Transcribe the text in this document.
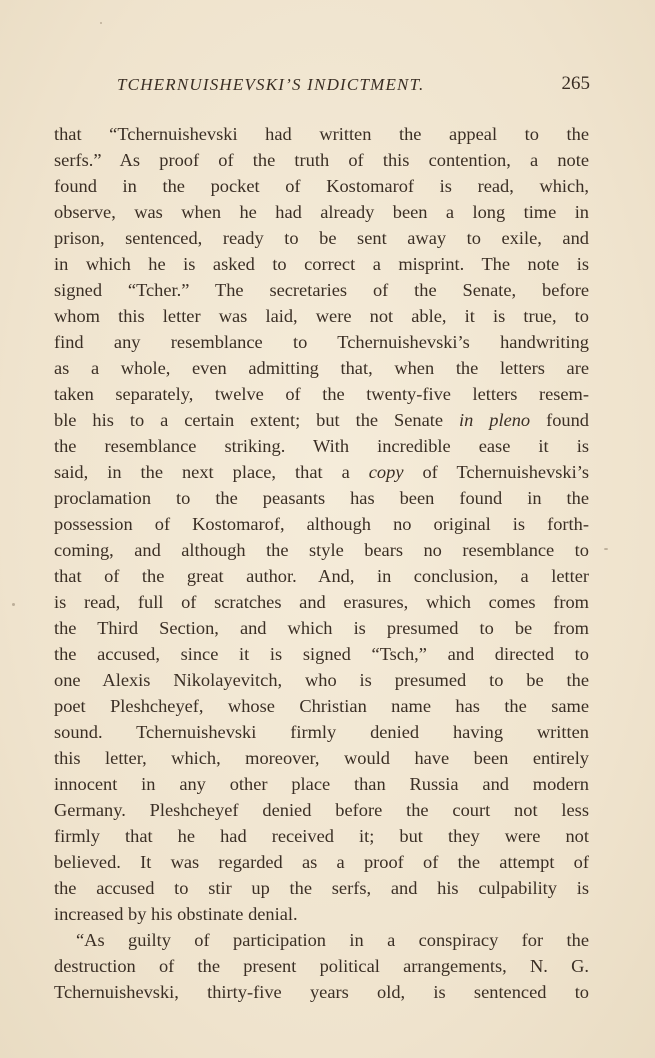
TCHERNUISHEVSKI’S INDICTMENT.	265
that “Tchernuishevski had written the appeal to the
serfs.” As proof of the truth of this contention, a note
found in the pocket of Kostomarof is read, which,
observe, was when he had already been a long time in
prison, sentenced, ready to be sent away to exile, and
in which he is asked to correct a misprint. The note is
signed “Tcher.” The secretaries of the Senate, before
whom this letter was laid, were not able, it is true, to
find any resemblance to Tchernuishevski’s handwriting
as a whole, even admitting that, when the letters are
taken separately, twelve of the twenty-five letters resem-
ble his to a certain extent; but the Senate in pleno found
the resemblance striking. With incredible ease it is
said, in the next place, that a copy of Tchernuishevski’s
proclamation to the peasants has been found in the
possession of Kostomarof, although no original is forth-
coming, and although the style bears no resemblance to
that of the great author. And, in conclusion, a letter
is read, full of scratches and erasures, which comes from
the Third Section, and which is presumed to be from
the accused, since it is signed “Tsch,” and directed to
one Alexis Nikolayevitch, who is presumed to be the
poet Pleshcheyef, whose Christian name has the same
sound. Tchernuishevski firmly denied having written
this letter, which, moreover, would have been entirely
innocent in any other place than Russia and modern
Germany. Pleshcheyef denied before the court not less
firmly that he had received it; but they were not
believed. It was regarded as a proof of the attempt of
the accused to stir up the serfs, and his culpability is
increased by his obstinate denial.
“As guilty of participation in a conspiracy for the
destruction of the present political arrangements, N. G.
Tchernuishevski, thirty-five years old, is sentenced to
